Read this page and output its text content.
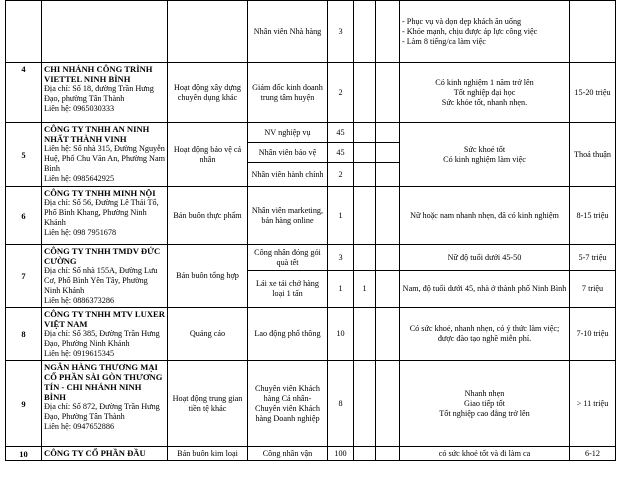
			Nhân viên Nhà hàng	3			- Phục vụ và dọn dẹp khách ăn uống
- Khỏe mạnh, chịu được áp lực công việc
- Làm 8 tiếng/ca làm việc	

4	CHI NHÁNH CÔNG TRÌNH VIETTEL NINH BÌNH
Địa chỉ: Số 18, đường Trần Hưng Đạo, phường Tân Thành
Liên hệ: 0965030333	Hoạt động xây dựng chuyên dụng khác	Giám đốc kinh doanh trung tâm huyện	2			Có kinh nghiệm 1 năm trở lên
Tốt nghiệp đại học
Sức khỏe tốt, nhanh nhẹn.	15-20 triệu
5	CÔNG TY TNHH AN NINH NHẤT THÀNH VINH
Liên hệ: Số nhà 315, Đường Nguyễn Huệ, Phố Chu Văn An, Phường Nam Bình
Liên hệ: 0985642925	Hoạt động bảo vệ cá nhân	NV nghiệp vụ	45			Sức khoẻ tốt
Có kinh nghiệm làm việc	Thoả thuận
			Nhân viên bảo vệ	45				
			Nhân viên hành chính	2				
6	CÔNG TY TNHH MINH NỘI
Địa chỉ: Số 56, Đường Lê Thái Tổ, Phố Bình Khang, Phường Ninh Khánh
Liên hệ: 098 7951678	Bán buôn thực phẩm	Nhân viên marketing, bán hàng online	1			Nữ hoặc nam nhanh nhẹn, đã có kinh nghiệm	8-15 triệu
7	CÔNG TY TNHH TMDV ĐỨC CƯỜNG
Địa chỉ: Số nhà 155A, Đường Lưu Cơ, Phố Bình Yên Tây, Phường Ninh Khánh
Liên hệ: 0886373286	Bán buôn tổng hợp	Công nhân đóng gói quà tết	3			Nữ độ tuổi dưới 45-50	5-7 triệu
			Lái xe tải chở hàng loại 1 tấn	1	1		Nam, độ tuổi dưới 45, nhà ở thành phố Ninh Bình	7 triệu
8	CÔNG TY TNHH MTV LUXER VIỆT NAM
Địa chỉ: Số 385, Đường Trần Hưng Đạo, Phường Ninh Khánh
Liên hệ: 0919615345	Quảng cáo	Lao động phổ thông	10			Có sức khoẻ, nhanh nhẹn, có ý thức làm việc; được đào tạo nghề miễn phí.	7-10 triệu
9	NGÂN HÀNG THƯƠNG MẠI CỔ PHẦN SÀI GÒN THƯƠNG TÍN - CHI NHÁNH NINH BÌNH
Địa chỉ: Số 872, Đường Trần Hưng Đạo, Phường Tân Thành
Liên hệ: 0947652886	Hoạt động trung gian tiền tệ khác	Chuyên viên Khách hàng Cá nhân- Chuyên viên Khách hàng Doanh nghiệp	8			Nhanh nhẹn
Giao tiếp tốt
Tốt nghiệp cao đẳng trở lên	> 11 triệu
10	CÔNG TY CỔ PHẦN ĐẦU	Bán buôn kim loại	Công nhân vận	100			có sức khoẻ tốt và đi làm ca	6-12
